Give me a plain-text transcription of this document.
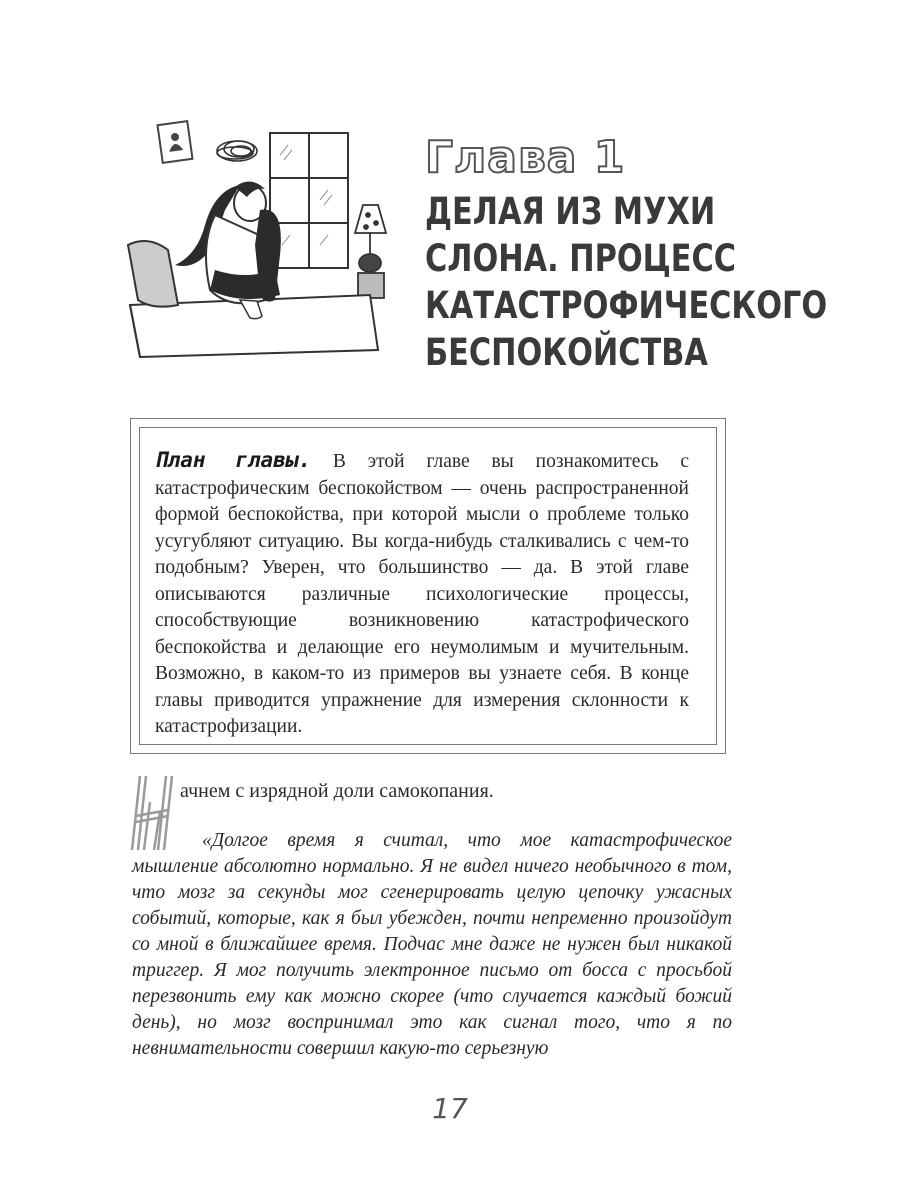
Глава 1
ДЕЛАЯ ИЗ МУХИ
СЛОНА. ПРОЦЕСС
КАТАСТРОФИЧЕСКОГО
БЕСПОКОЙСТВА
План главы. В этой главе вы познакомитесь с катастрофическим беспокойством — очень распространенной формой беспокойства, при которой мысли о проблеме только усугубляют ситуацию. Вы когда-нибудь сталкивались с чем-то подобным? Уверен, что большинство — да. В этой главе описываются различные психологические процессы, способствующие возникновению катастрофического беспокойства и делающие его неумолимым и мучительным. Возможно, в каком-то из примеров вы узнаете себя. В конце главы приводится упражнение для измерения склонности к катастрофизации.
Н
ачнем с изрядной доли самокопания.
«Долгое время я считал, что мое катастрофическое мышление абсолютно нормально. Я не видел ничего необычного в том, что мозг за секунды мог сгенерировать целую цепочку ужасных событий, которые, как я был убежден, почти непременно произойдут со мной в ближайшее время. Подчас мне даже не нужен был никакой триггер. Я мог получить электронное письмо от босса с просьбой перезвонить ему как можно скорее (что случается каждый божий день), но мозг воспринимал это как сигнал того, что я по невнимательности совершил какую-то серьезную
17
